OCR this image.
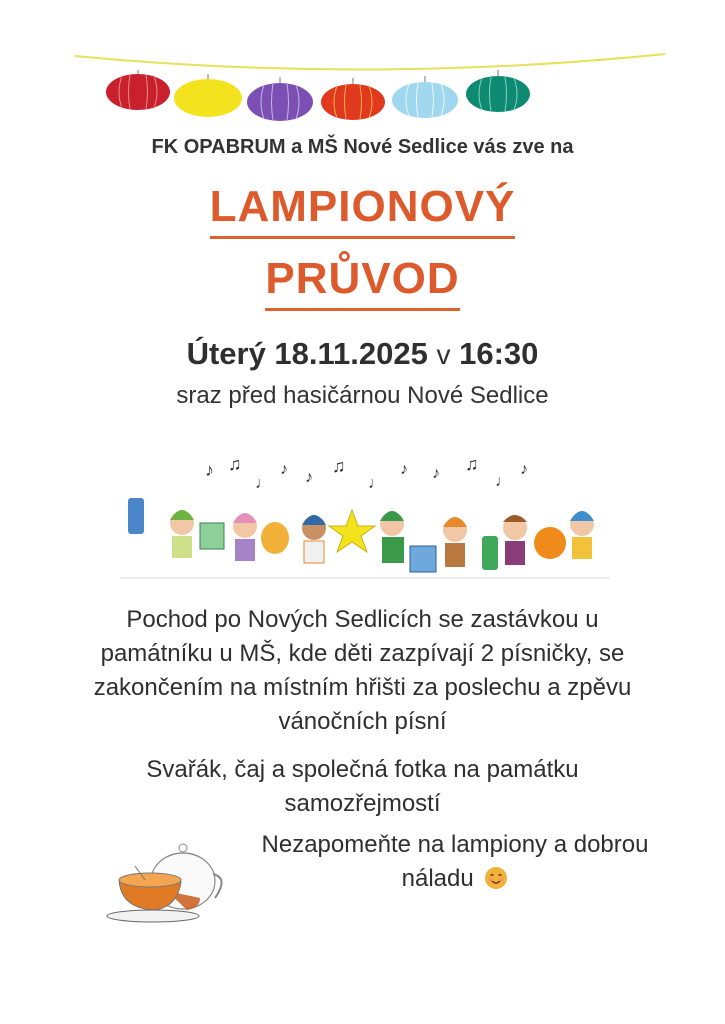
FK OPABRUM a MŠ Nové Sedlice vás zve na
LAMPIONOVÝ
PRŮVOD
Úterý 18.11.2025 v 16:30
sraz před hasičárnou Nové Sedlice
♪ ♫
♩
♪ ♪
♫
♩
♪ ♪ ♫
♩
♪
Pochod po Nových Sedlicích se zastávkou u
památníku u MŠ, kde děti zazpívají 2 písničky, se
zakončením na místním hřišti za poslechu a zpěvu
vánočních písní
Svařák, čaj a společná fotka na památku
samozřejmostí
Nezapomeňte na lampiony a dobrou
náladu
